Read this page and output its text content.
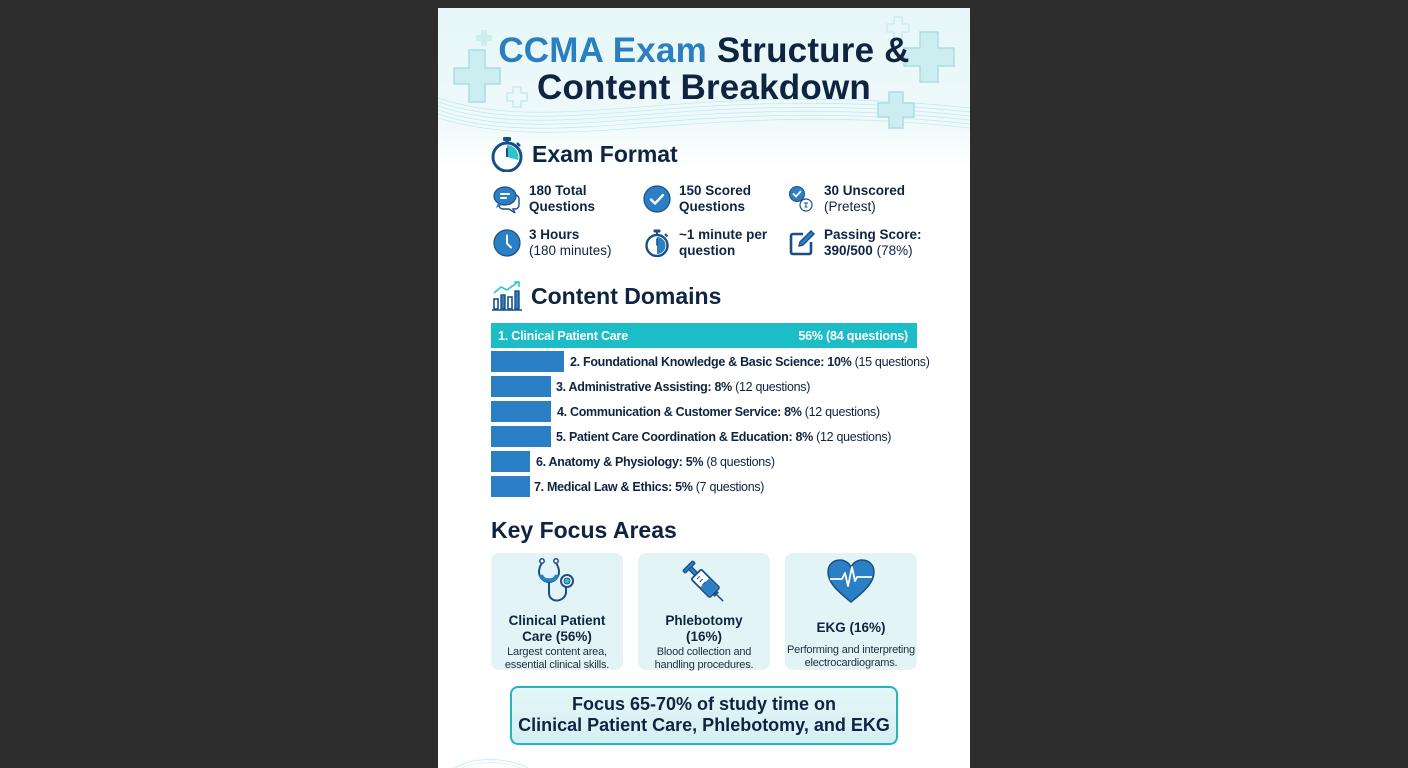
CCMA Exam Structure &
Content Breakdown
Exam Format
180 Total
Questions
150 Scored
Questions
30 Unscored
(Pretest)
3 Hours
(180 minutes)
~1 minute per
question
Passing Score:
390/500 (78%)
Content Domains
1. Clinical Patient Care	56% (84 questions)
2. Foundational Knowledge & Basic Science: 10% (15 questions)
3. Administrative Assisting: 8% (12 questions)
4. Communication & Customer Service: 8% (12 questions)
5. Patient Care Coordination & Education: 8% (12 questions)
6. Anatomy & Physiology: 5% (8 questions)
7. Medical Law & Ethics: 5% (7 questions)
Key Focus Areas
Clinical Patient
Care (56%)
Largest content area,
essential clinical skills.
Phlebotomy
(16%)
Blood collection and
handling procedures.
EKG (16%)
Performing and interpreting
electrocardiograms.
Focus 65-70% of study time on
Clinical Patient Care, Phlebotomy, and EKG
